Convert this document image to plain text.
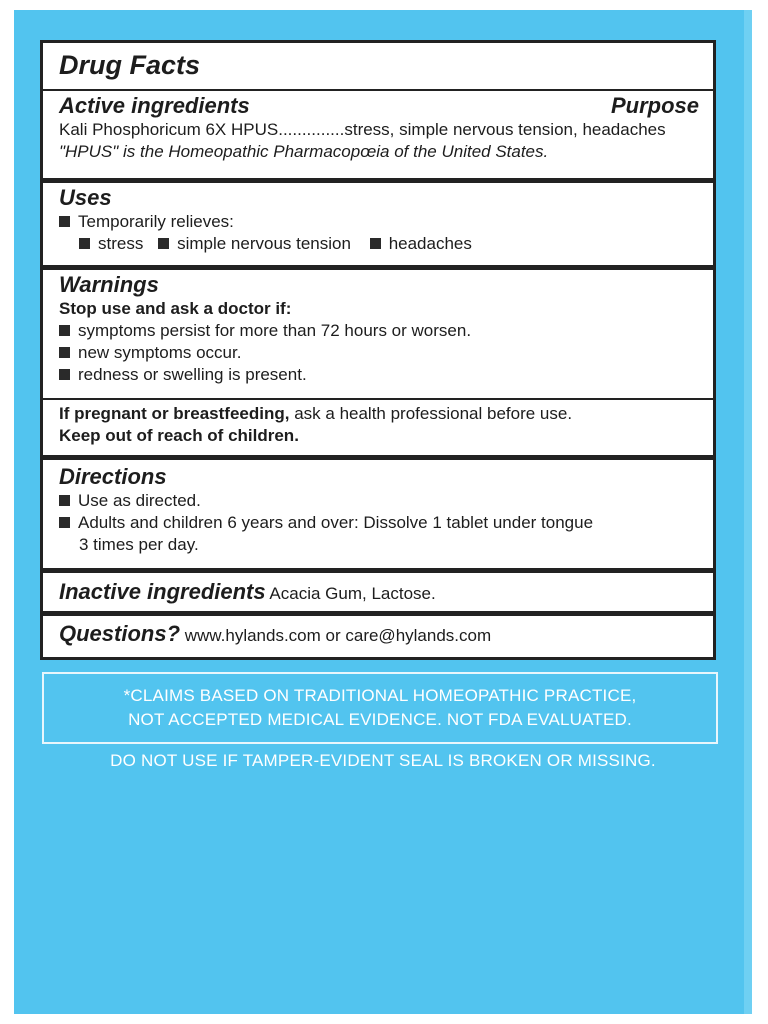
Drug Facts
Active ingredients	Purpose
Kali Phosphoricum 6X HPUS..............stress, simple nervous tension, headaches
"HPUS" is the Homeopathic Pharmacopœia of the United States.
Uses
Temporarily relieves:
stress simple nervous tension headaches
Warnings
Stop use and ask a doctor if:
symptoms persist for more than 72 hours or worsen.
new symptoms occur.
redness or swelling is present.
If pregnant or breastfeeding, ask a health professional before use.
Keep out of reach of children.
Directions
Use as directed.
Adults and children 6 years and over: Dissolve 1 tablet under tongue
3 times per day.
Inactive ingredients Acacia Gum, Lactose.
Questions? www.hylands.com or care@hylands.com
*CLAIMS BASED ON TRADITIONAL HOMEOPATHIC PRACTICE,
NOT ACCEPTED MEDICAL EVIDENCE. NOT FDA EVALUATED.
DO NOT USE IF TAMPER-EVIDENT SEAL IS BROKEN OR MISSING.
